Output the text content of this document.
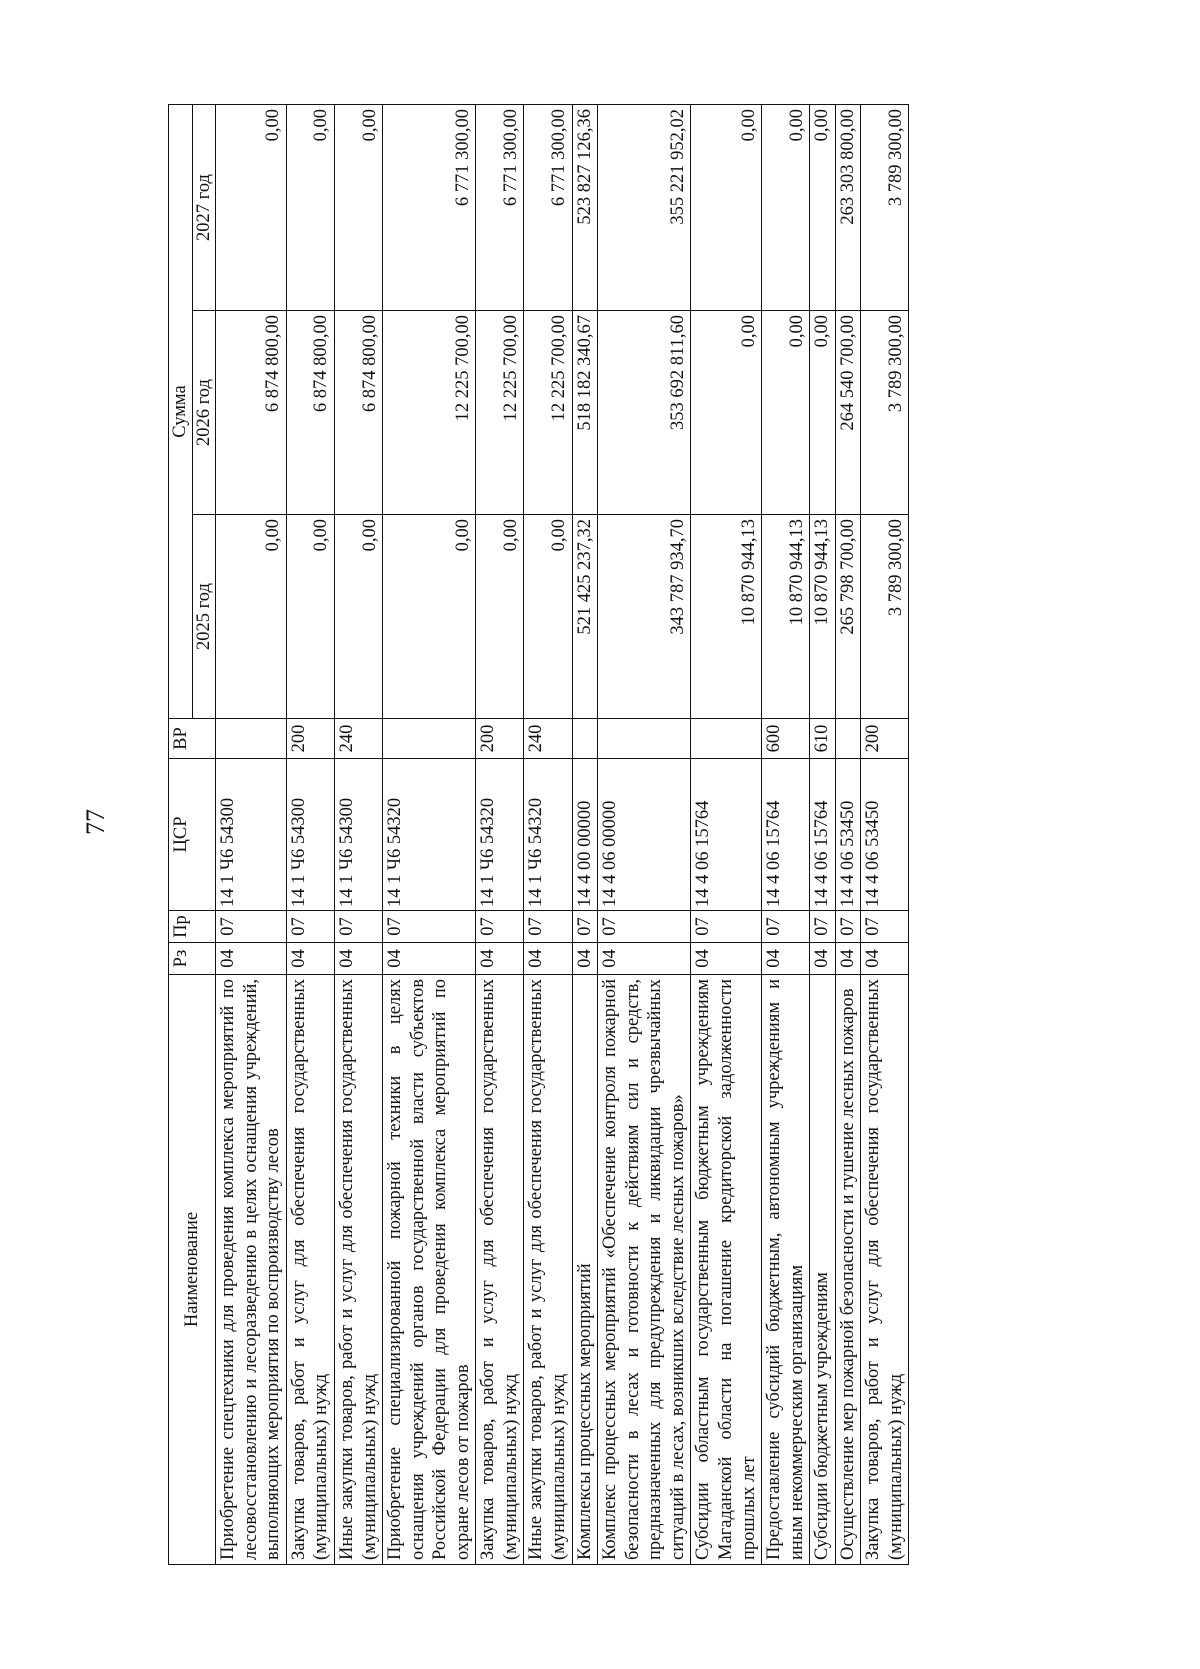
77
Наименование	Рз	Пр	ЦСР	ВР	Сумма		
					2025 год	2026 год	2027 год
Приобретение спецтехники для проведения комплекса мероприятий по лесовосстановлению и лесоразведению в целях оснащения учреждений, выполняющих мероприятия по воспроизводству лесов	04	07	14 1 Ч6 54300		0,00	6 874 800,00	0,00
Закупка товаров, работ и услуг для обеспечения государственных (муниципальных) нужд	04	07	14 1 Ч6 54300	200	0,00	6 874 800,00	0,00
Иные закупки товаров, работ и услуг для обеспечения государственных (муниципальных) нужд	04	07	14 1 Ч6 54300	240	0,00	6 874 800,00	0,00
Приобретение специализированной пожарной техники в целях оснащения учреждений органов государственной власти субъектов Российской Федерации для проведения комплекса мероприятий по охране лесов от пожаров	04	07	14 1 Ч6 54320		0,00	12 225 700,00	6 771 300,00
Закупка товаров, работ и услуг для обеспечения государственных (муниципальных) нужд	04	07	14 1 Ч6 54320	200	0,00	12 225 700,00	6 771 300,00
Иные закупки товаров, работ и услуг для обеспечения государственных (муниципальных) нужд	04	07	14 1 Ч6 54320	240	0,00	12 225 700,00	6 771 300,00
Комплексы процессных мероприятий	04	07	14 4 00 00000		521 425 237,32	518 182 340,67	523 827 126,36
Комплекс процессных мероприятий «Обеспечение контроля пожарной безопасности в лесах и готовности к действиям сил и средств, предназначенных для предупреждения и ликвидации чрезвычайных ситуаций в лесах, возникших вследствие лесных пожаров»	04	07	14 4 06 00000		343 787 934,70	353 692 811,60	355 221 952,02
Субсидии областным государственным бюджетным учреждениям Магаданской области на погашение кредиторской задолженности прошлых лет	04	07	14 4 06 15764		10 870 944,13	0,00	0,00
Предоставление субсидий бюджетным, автономным учреждениям и иным некоммерческим организациям	04	07	14 4 06 15764	600	10 870 944,13	0,00	0,00
Субсидии бюджетным учреждениям	04	07	14 4 06 15764	610	10 870 944,13	0,00	0,00
Осуществление мер пожарной безопасности и тушение лесных пожаров	04	07	14 4 06 53450		265 798 700,00	264 540 700,00	263 303 800,00
Закупка товаров, работ и услуг для обеспечения государственных (муниципальных) нужд	04	07	14 4 06 53450	200	3 789 300,00	3 789 300,00	3 789 300,00
